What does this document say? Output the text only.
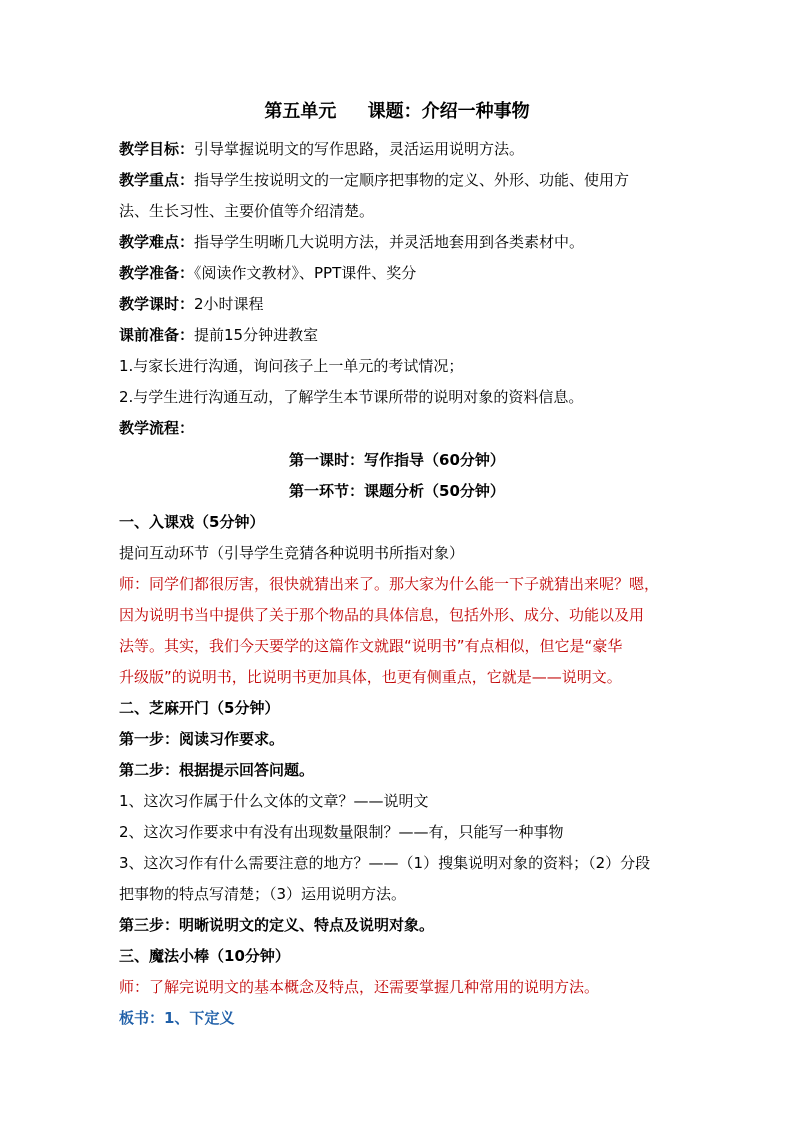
第五单元     课题：介绍一种事物
教学目标：引导掌握说明文的写作思路，灵活运用说明方法。
教学重点：指导学生按说明文的一定顺序把事物的定义、外形、功能、使用方
法、生长习性、主要价值等介绍清楚。
教学难点：指导学生明晰几大说明方法，并灵活地套用到各类素材中。
教学准备：《阅读作文教材》、PPT课件、奖分
教学课时：2小时课程
课前准备：提前15分钟进教室
1.与家长进行沟通，询问孩子上一单元的考试情况；
2.与学生进行沟通互动，了解学生本节课所带的说明对象的资料信息。
教学流程：
第一课时：写作指导（60分钟）
第一环节：课题分析（50分钟）
一、入课戏（5分钟）
提问互动环节（引导学生竞猜各种说明书所指对象）
师：同学们都很厉害，很快就猜出来了。那大家为什么能一下子就猜出来呢？嗯，
因为说明书当中提供了关于那个物品的具体信息，包括外形、成分、功能以及用
法等。其实，我们今天要学的这篇作文就跟“说明书”有点相似，但它是“豪华
升级版”的说明书，比说明书更加具体，也更有侧重点，它就是——说明文。
二、芝麻开门（5分钟）
第一步：阅读习作要求。
第二步：根据提示回答问题。
1、这次习作属于什么文体的文章？——说明文
2、这次习作要求中有没有出现数量限制？——有，只能写一种事物
3、这次习作有什么需要注意的地方？——（1）搜集说明对象的资料；（2）分段
把事物的特点写清楚；（3）运用说明方法。
第三步：明晰说明文的定义、特点及说明对象。
三、魔法小棒（10分钟）
师：了解完说明文的基本概念及特点，还需要掌握几种常用的说明方法。
板书：1、下定义
